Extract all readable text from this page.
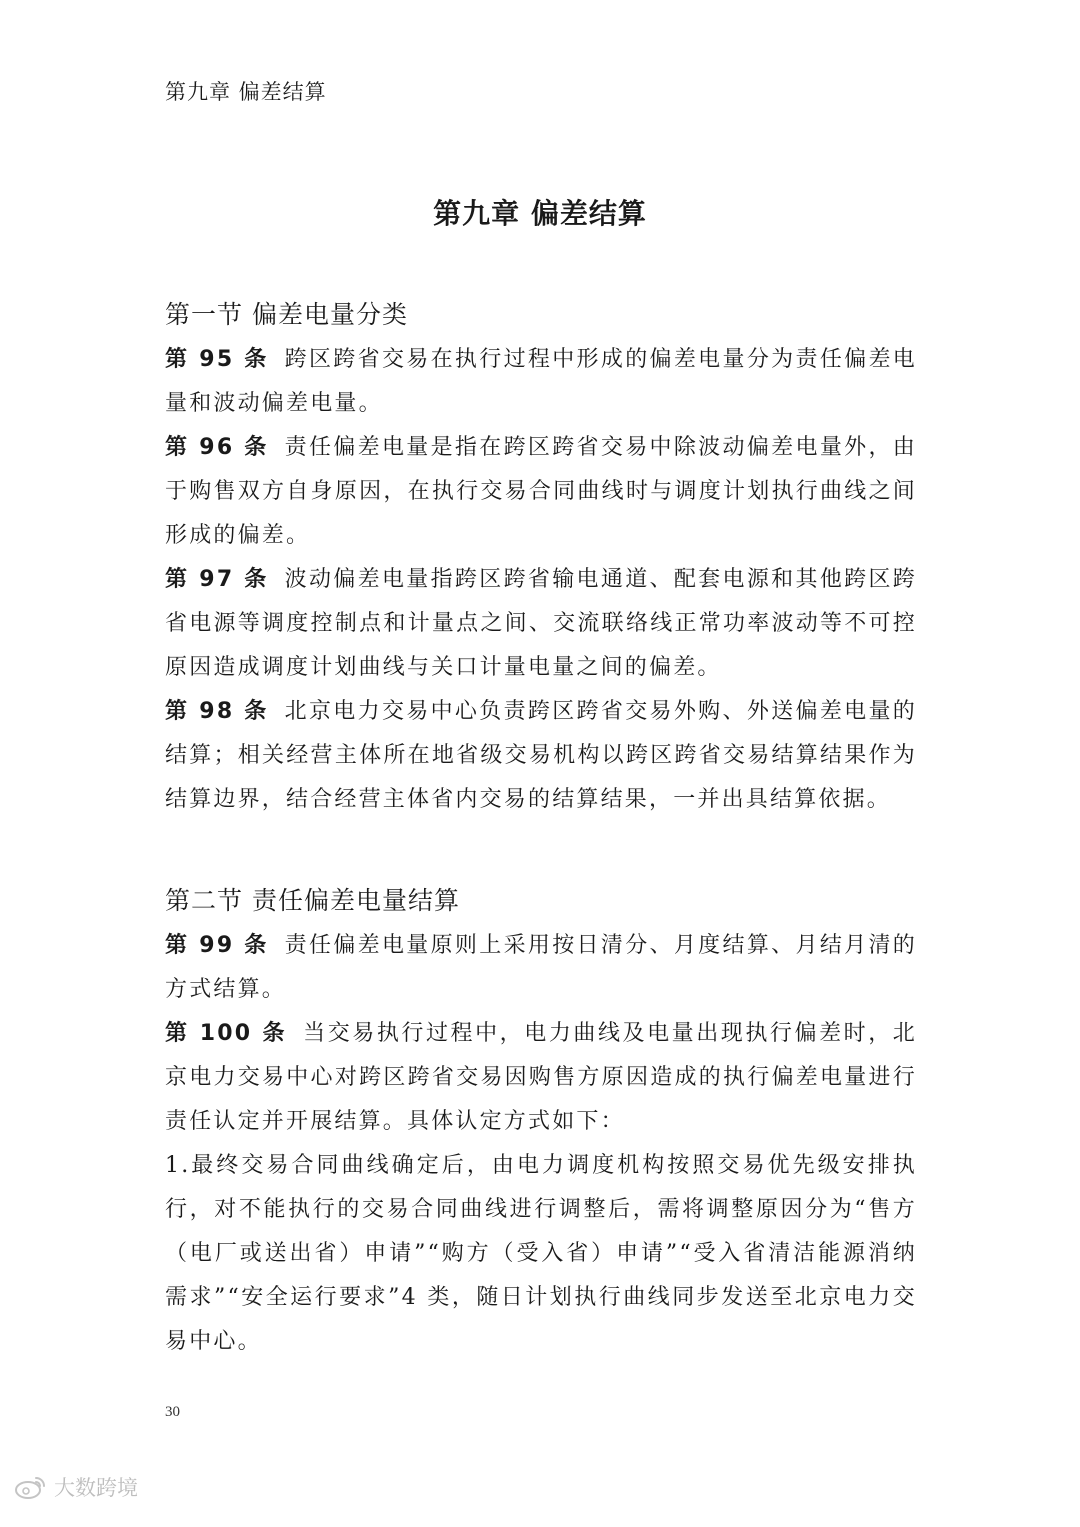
第九章 偏差结算
第九章 偏差结算
第一节 偏差电量分类
第 95 条 跨区跨省交易在执行过程中形成的偏差电量分为责任偏差电量和波动偏差电量。
第 96 条 责任偏差电量是指在跨区跨省交易中除波动偏差电量外，由于购售双方自身原因，在执行交易合同曲线时与调度计划执行曲线之间形成的偏差。
第 97 条 波动偏差电量指跨区跨省输电通道、配套电源和其他跨区跨省电源等调度控制点和计量点之间、交流联络线正常功率波动等不可控原因造成调度计划曲线与关口计量电量之间的偏差。
第 98 条 北京电力交易中心负责跨区跨省交易外购、外送偏差电量的结算；相关经营主体所在地省级交易机构以跨区跨省交易结算结果作为结算边界，结合经营主体省内交易的结算结果，一并出具结算依据。
第二节 责任偏差电量结算
第 99 条 责任偏差电量原则上采用按日清分、月度结算、月结月清的方式结算。
第 100 条 当交易执行过程中，电力曲线及电量出现执行偏差时，北京电力交易中心对跨区跨省交易因购售方原因造成的执行偏差电量进行责任认定并开展结算。具体认定方式如下：
1.最终交易合同曲线确定后，由电力调度机构按照交易优先级安排执行，对不能执行的交易合同曲线进行调整后，需将调整原因分为“售方（电厂或送出省）申请”“购方（受入省）申请”“受入省清洁能源消纳需求”“安全运行要求”4 类，随日计划执行曲线同步发送至北京电力交易中心。
30
大数跨境
